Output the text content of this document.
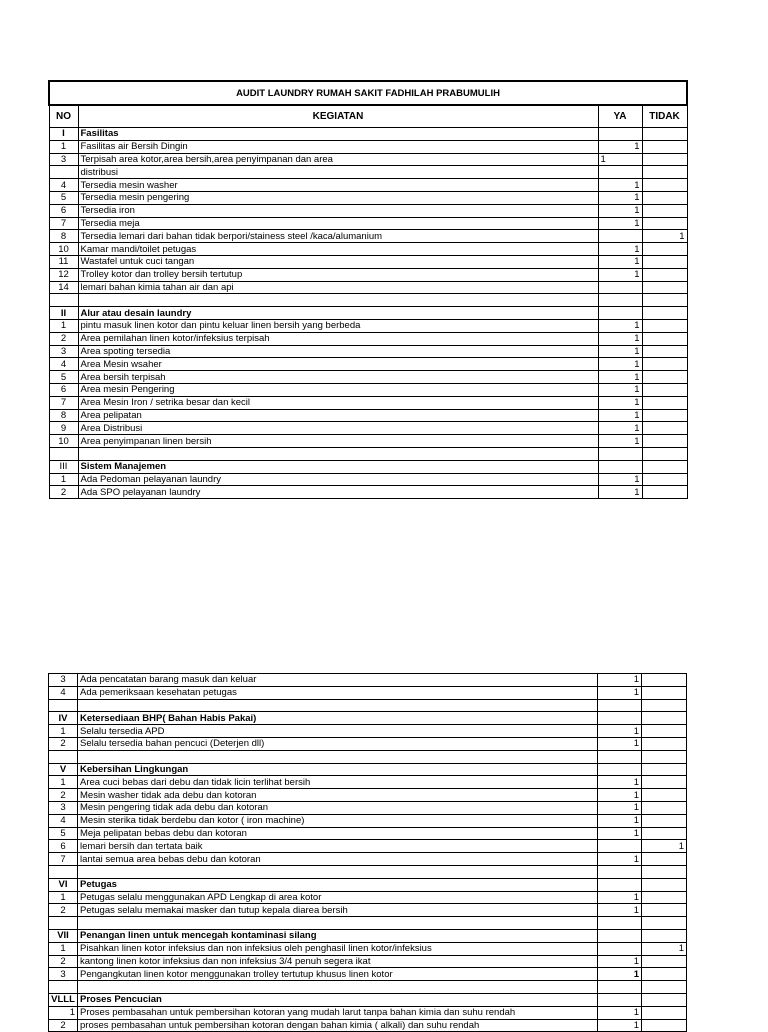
AUDIT LAUNDRY RUMAH SAKIT FADHILAH PRABUMULIH			
NO	KEGIATAN	YA	TIDAK
I	Fasilitas		
1	Fasilitas air Bersih Dingin	1	
3	Terpisah area kotor,area bersih,area penyimpanan dan area	1	
	distribusi		
4	Tersedia mesin washer	1	
5	Tersedia mesin pengering	1	
6	Tersedia iron	1	
7	Tersedia meja	1	
8	Tersedia lemari dari bahan tidak berpori/stainess steel /kaca/alumanium		1
10	Kamar mandi/toilet petugas	1	
11	Wastafel untuk cuci tangan	1	
12	Trolley kotor dan trolley bersih tertutup	1	
14	lemari bahan kimia tahan air dan api		

II	Alur atau desain laundry		
1	pintu masuk linen kotor dan pintu keluar linen bersih yang berbeda	1	
2	Area pemilahan linen kotor/infeksius terpisah	1	
3	Area spoting tersedia	1	
4	Area Mesin wsaher	1	
5	Area bersih terpisah	1	
6	Area mesin Pengering	1	
7	Area Mesin Iron / setrika besar dan kecil	1	
8	Area pelipatan	1	
9	Area Distribusi	1	
10	Area penyimpanan linen bersih	1	

III	Sistem Manajemen		
1	Ada Pedoman pelayanan laundry	1	
2	Ada SPO pelayanan laundry	1	
3	Ada pencatatan barang masuk dan keluar	1	
4	Ada pemeriksaan kesehatan petugas	1	

IV	Ketersediaan BHP( Bahan Habis Pakai)		
1	Selalu tersedia APD	1	
2	Selalu tersedia bahan pencuci (Deterjen dll)	1	

V	Kebersihan Lingkungan		
1	Area cuci bebas dari debu dan tidak licin terlihat bersih	1	
2	Mesin washer tidak ada debu dan kotoran	1	
3	Mesin pengering tidak ada debu dan kotoran	1	
4	Mesin sterika tidak berdebu dan kotor ( iron machine)	1	
5	Meja pelipatan bebas debu dan kotoran	1	
6	lemari bersih dan tertata baik		1
7	lantai semua area bebas debu dan kotoran	1	

VI	Petugas		
1	Petugas selalu menggunakan APD Lengkap di area kotor	1	
2	Petugas selalu memakai masker dan tutup kepala diarea bersih	1	

VII	Penangan linen untuk mencegah kontaminasi silang		
1	Pisahkan linen kotor infeksius dan non infeksius oleh penghasil linen kotor/infeksius		1
2	kantong linen kotor infeksius dan non infeksius 3/4 penuh segera ikat	1	
3	Pengangkutan linen kotor menggunakan trolley tertutup khusus linen kotor	1	

VLLL	Proses Pencucian		
1	Proses pembasahan untuk pembersihan kotoran yang mudah larut tanpa bahan kimia dan suhu rendah	1	
2	proses pembasahan untuk pembersihan kotoran dengan bahan kimia ( alkali) dan suhu rendah	1	
